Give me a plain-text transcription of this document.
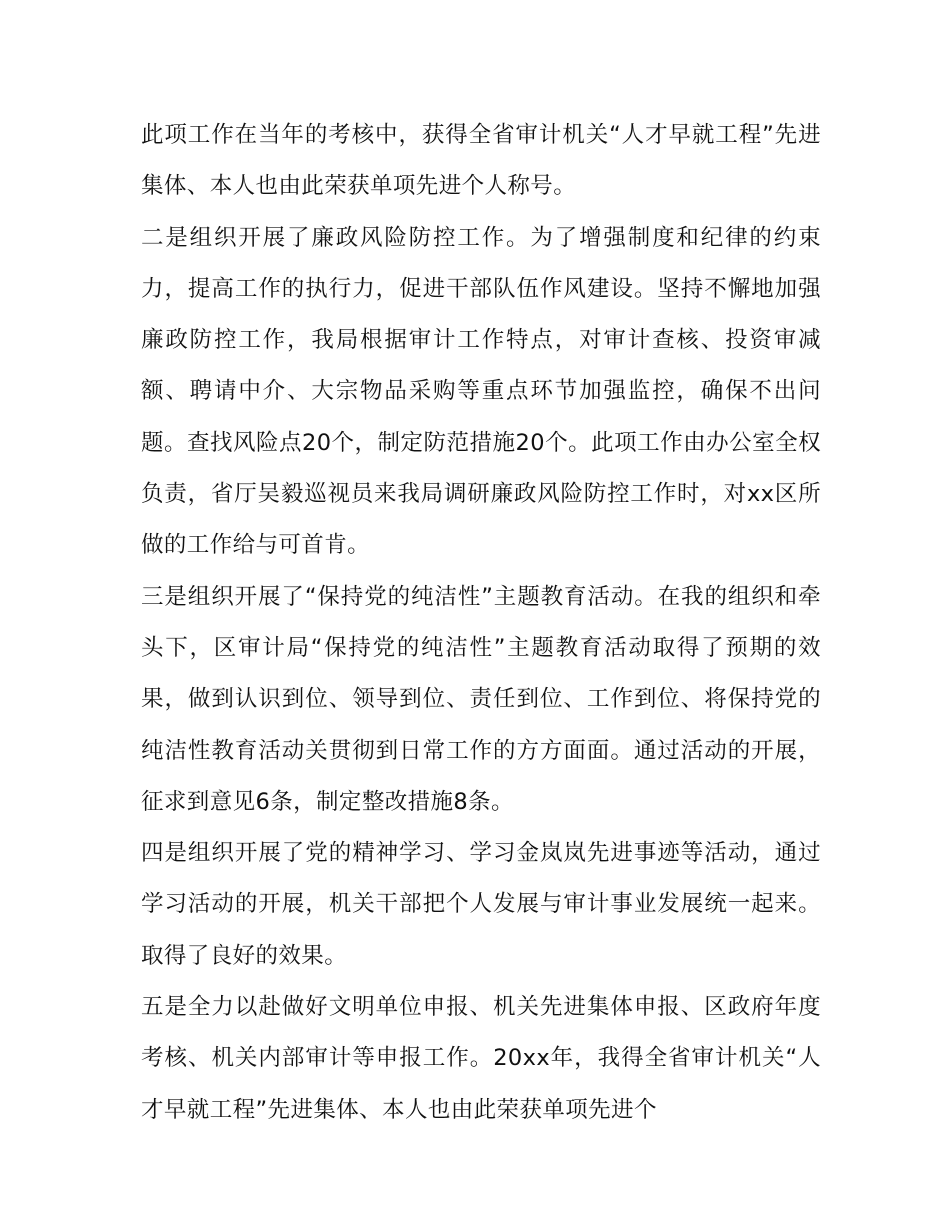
此项工作在当年的考核中，获得全省审计机关“人才早就工程”先进集体、本人也由此荣获单项先进个人称号。

二是组织开展了廉政风险防控工作。为了增强制度和纪律的约束力，提高工作的执行力，促进干部队伍作风建设。坚持不懈地加强廉政防控工作，我局根据审计工作特点，对审计查核、投资审减额、聘请中介、大宗物品采购等重点环节加强监控，确保不出问题。查找风险点20个，制定防范措施20个。此项工作由办公室全权负责，省厅吴毅巡视员来我局调研廉政风险防控工作时，对xx区所做的工作给与可首肯。

三是组织开展了“保持党的纯洁性”主题教育活动。在我的组织和牵头下，区审计局“保持党的纯洁性”主题教育活动取得了预期的效果，做到认识到位、领导到位、责任到位、工作到位、将保持党的纯洁性教育活动关贯彻到日常工作的方方面面。通过活动的开展，征求到意见6条，制定整改措施8条。

四是组织开展了党的精神学习、学习金岚岚先进事迹等活动，通过学习活动的开展，机关干部把个人发展与审计事业发展统一起来。取得了良好的效果。

五是全力以赴做好文明单位申报、机关先进集体申报、区政府年度考核、机关内部审计等申报工作。20xx年，我得全省审计机关“人才早就工程”先进集体、本人也由此荣获单项先进个
